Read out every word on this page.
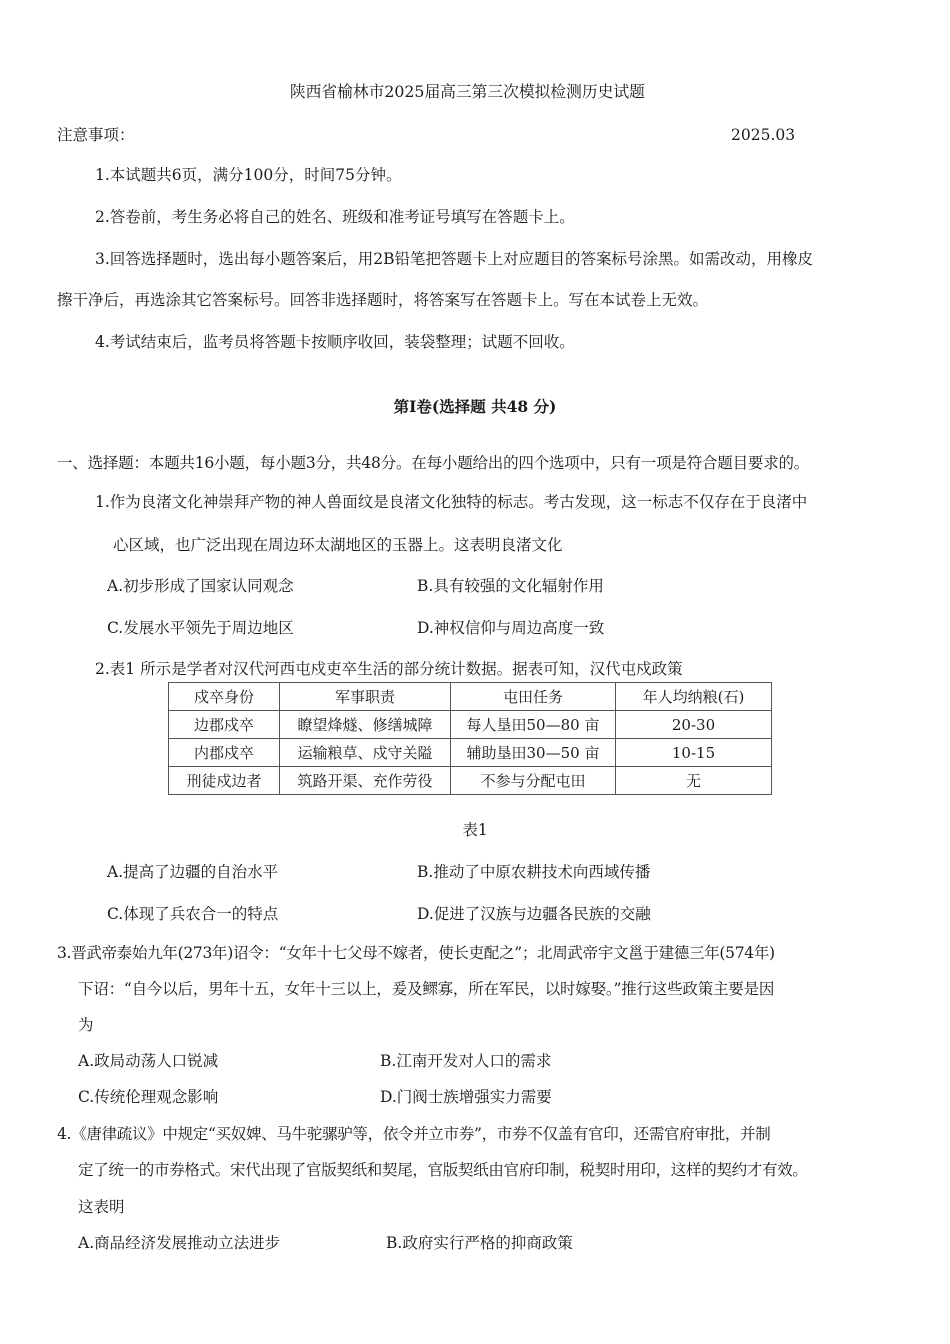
陕西省榆林市2025届高三第三次模拟检测历史试题
注意事项：	2025.03
1.本试题共6页，满分100分，时间75分钟。
2.答卷前，考生务必将自己的姓名、班级和准考证号填写在答题卡上。
3.回答选择题时，选出每小题答案后，用2B铅笔把答题卡上对应题目的答案标号涂黑。如需改动，用橡皮
擦干净后，再选涂其它答案标号。回答非选择题时，将答案写在答题卡上。写在本试卷上无效。
4.考试结束后，监考员将答题卡按顺序收回，装袋整理；试题不回收。
第Ⅰ卷(选择题 共48 分)
一、选择题：本题共16小题，每小题3分，共48分。在每小题给出的四个选项中，只有一项是符合题目要求的。
1.作为良渚文化神崇拜产物的神人兽面纹是良渚文化独特的标志。考古发现，这一标志不仅存在于良渚中
心区域，也广泛出现在周边环太湖地区的玉器上。这表明良渚文化
A.初步形成了国家认同观念	B.具有较强的文化辐射作用
C.发展水平领先于周边地区	D.神权信仰与周边高度一致
2.表1 所示是学者对汉代河西屯戍吏卒生活的部分统计数据。据表可知，汉代屯戍政策
戍卒身份	军事职责	屯田任务	年人均纳粮(石)
边郡戍卒	瞭望烽燧、修缮城障	每人垦田50—80 亩	20-30
内郡戍卒	运输粮草、戍守关隘	辅助垦田30—50 亩	10-15
刑徒戍边者	筑路开渠、充作劳役	不参与分配屯田	无
表1
A.提高了边疆的自治水平	B.推动了中原农耕技术向西域传播
C.体现了兵农合一的特点	D.促进了汉族与边疆各民族的交融
3.晋武帝泰始九年(273年)诏令：“女年十七父母不嫁者，使长吏配之”；北周武帝宇文邕于建德三年(574年)
下诏：“自今以后，男年十五，女年十三以上，爰及鳏寡，所在军民，以时嫁娶。”推行这些政策主要是因
为
A.政局动荡人口锐减	B.江南开发对人口的需求
C.传统伦理观念影响	D.门阀士族增强实力需要
4.《唐律疏议》中规定“买奴婢、马牛驼骡驴等，依令并立市券”，市券不仅盖有官印，还需官府审批，并制
定了统一的市券格式。宋代出现了官版契纸和契尾，官版契纸由官府印制，税契时用印，这样的契约才有效。
这表明
A.商品经济发展推动立法进步	B.政府实行严格的抑商政策
